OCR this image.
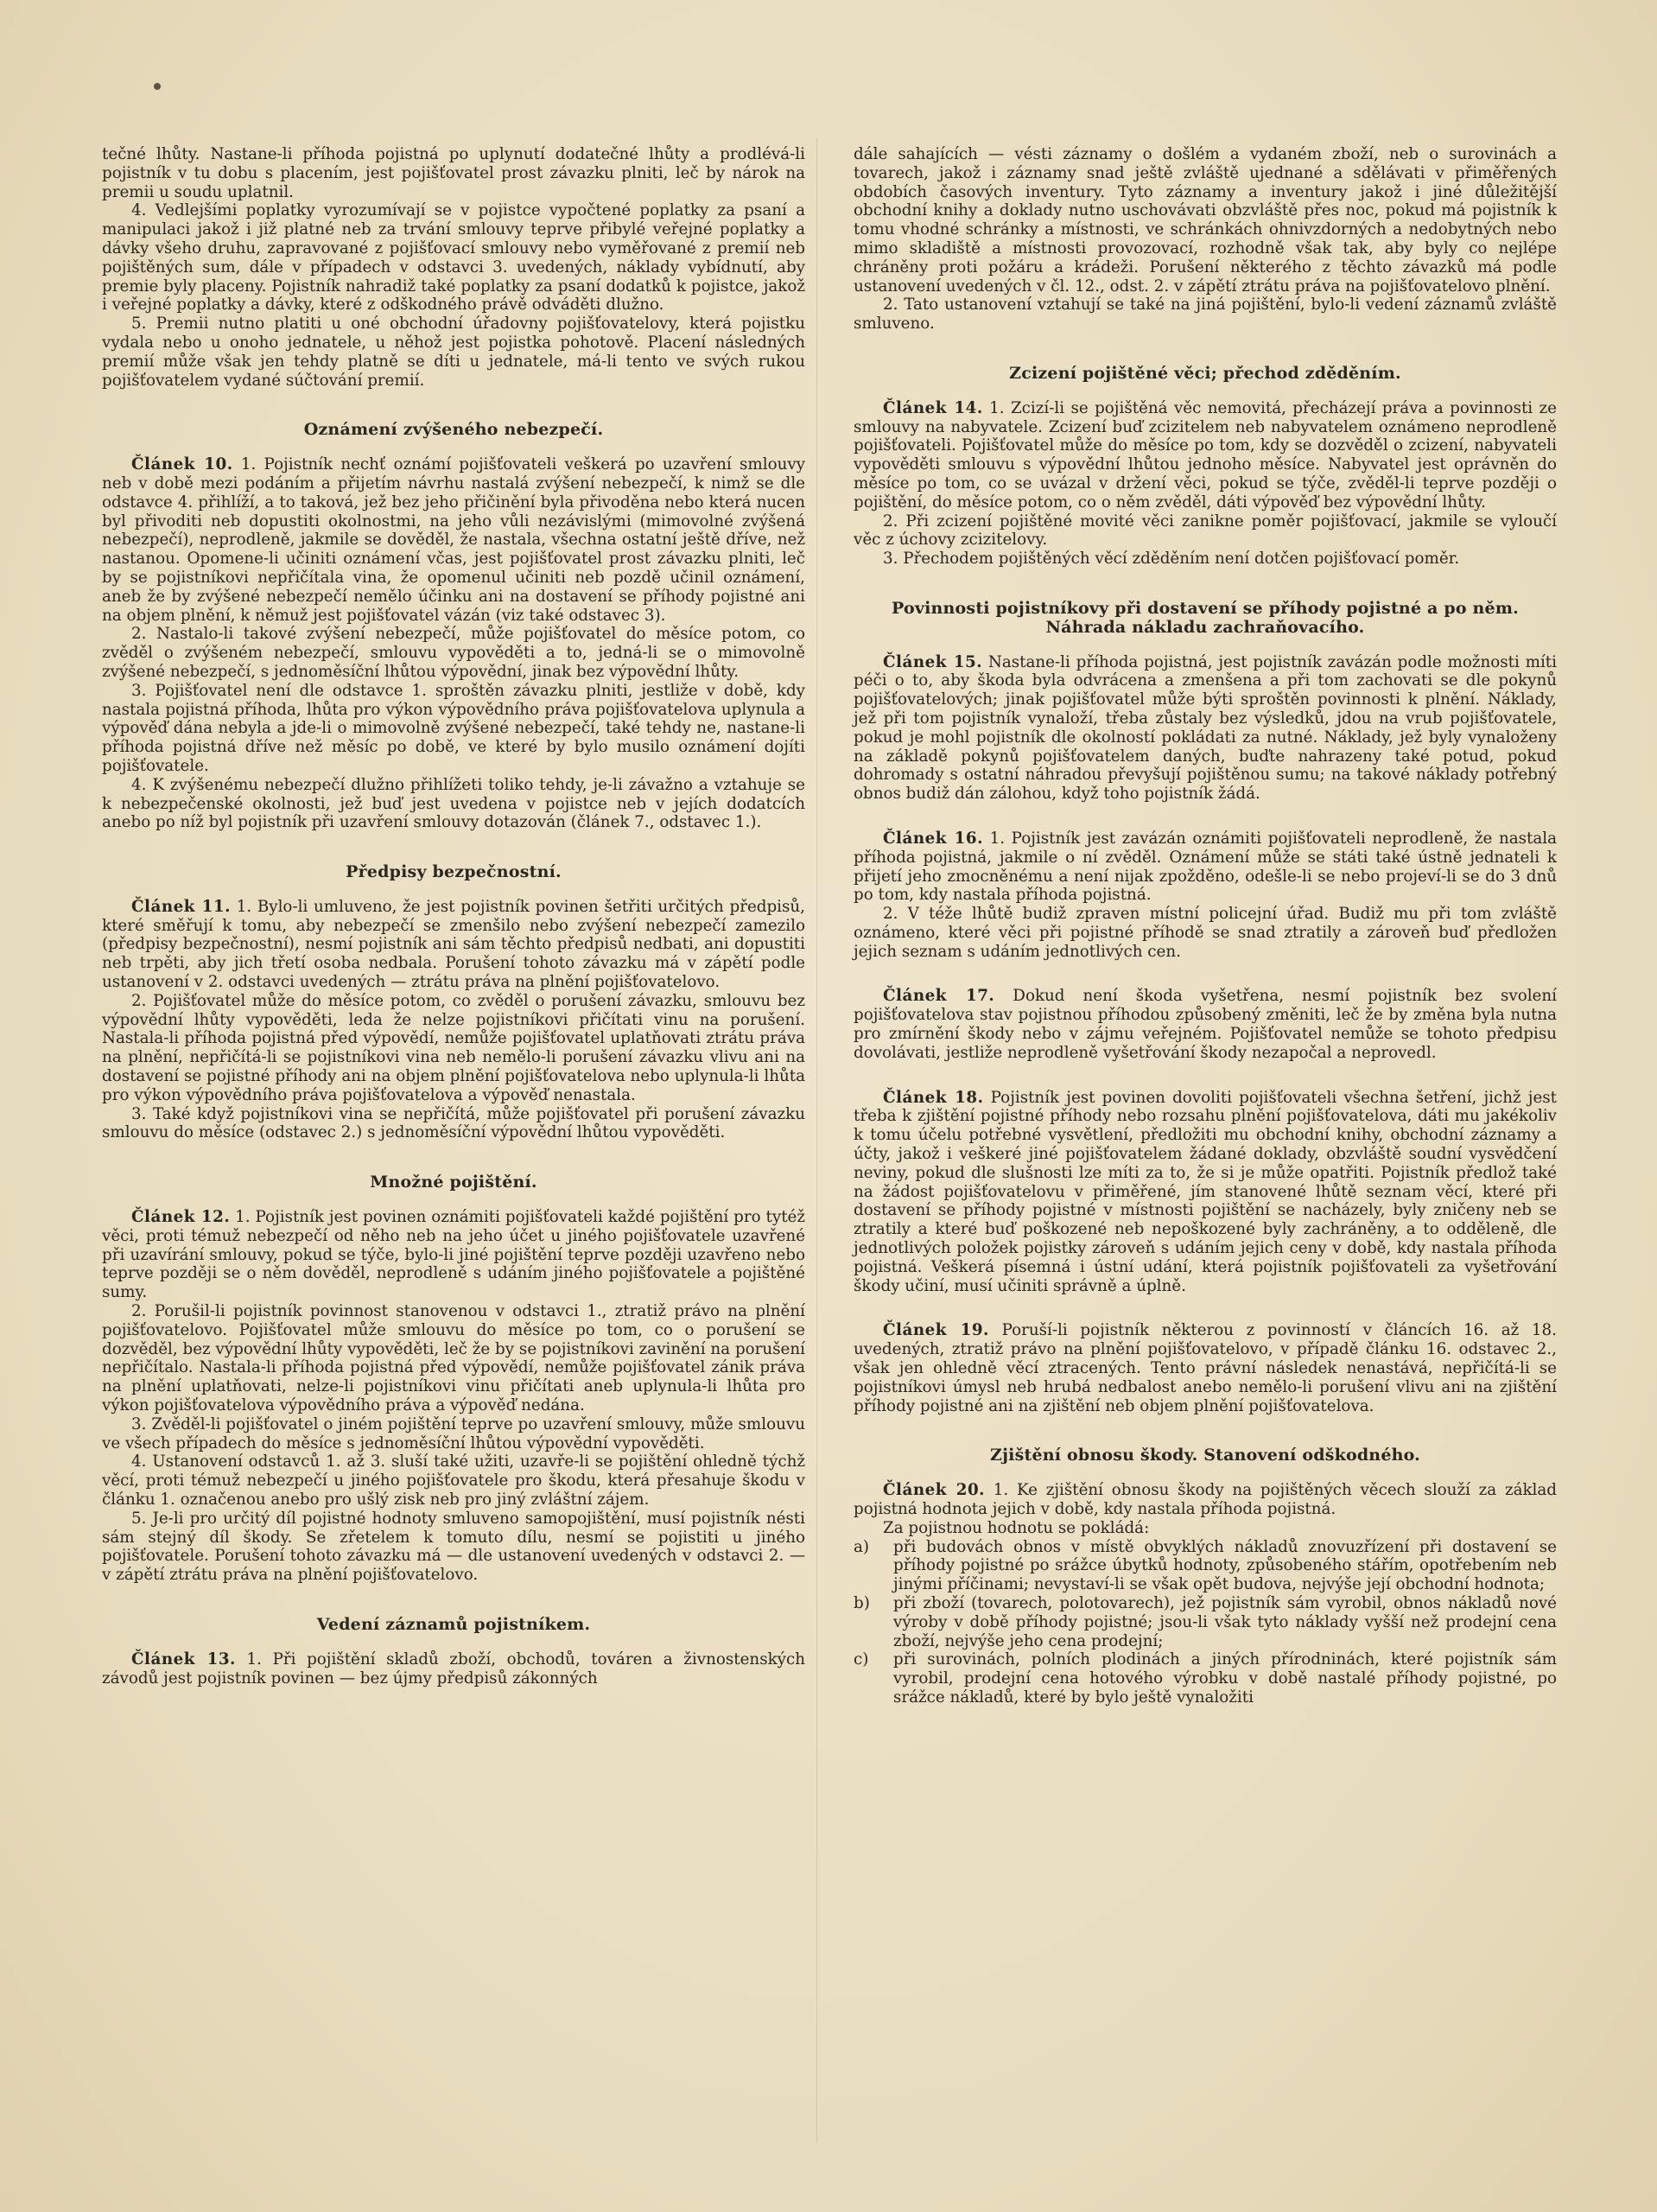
tečné lhůty. Nastane-li příhoda pojistná po uplynutí dodatečné lhůty a prodlévá-li pojistník v tu dobu s placením, jest pojišťovatel prost závazku plniti, leč by nárok na premii u soudu uplatnil.

4. Vedlejšími poplatky vyrozumívají se v pojistce vypočtené poplatky za psaní a manipulaci jakož i již platné neb za trvání smlouvy teprve přibylé veřejné poplatky a dávky všeho druhu, zapravované z pojišťovací smlouvy nebo vyměřované z premií neb pojištěných sum, dále v případech v odstavci 3. uvedených, náklady vybídnutí, aby premie byly placeny. Pojistník nahradiž také poplatky za psaní dodatků k pojistce, jakož i veřejné poplatky a dávky, které z odškodného právě odváděti dlužno.

5. Premii nutno platiti u oné obchodní úřadovny pojišťovatelovy, která pojistku vydala nebo u onoho jednatele, u něhož jest pojistka pohotově. Placení následných premií může však jen tehdy platně se díti u jednatele, má-li tento ve svých rukou pojišťovatelem vydané súčtování premií.

Oznámení zvýšeného nebezpečí.

Článek 10. 1. Pojistník nechť oznámí pojišťovateli veškerá po uzavření smlouvy neb v době mezi podáním a přijetím návrhu nastalá zvýšení nebezpečí, k nimž se dle odstavce 4. přihlíží, a to taková, jež bez jeho přičinění byla přivoděna nebo která nucen byl přivoditi neb dopustiti okolnostmi, na jeho vůli nezávislými (mimovolné zvýšená nebezpečí), neprodleně, jakmile se dověděl, že nastala, všechna ostatní ještě dříve, než nastanou. Opomene-li učiniti oznámení včas, jest pojišťovatel prost závazku plniti, leč by se pojistníkovi nepřičítala vina, že opomenul učiniti neb pozdě učinil oznámení, aneb že by zvýšené nebezpečí nemělo účinku ani na dostavení se příhody pojistné ani na objem plnění, k němuž jest pojišťovatel vázán (viz také odstavec 3).

2. Nastalo-li takové zvýšení nebezpečí, může pojišťovatel do měsíce potom, co zvěděl o zvýšeném nebezpečí, smlouvu vypověděti a to, jedná-li se o mimovolně zvýšené nebezpečí, s jednoměsíční lhůtou výpovědní, jinak bez výpovědní lhůty.

3. Pojišťovatel není dle odstavce 1. sproštěn závazku plniti, jestliže v době, kdy nastala pojistná příhoda, lhůta pro výkon výpovědního práva pojišťovatelova uplynula a výpověď dána nebyla a jde-li o mimovolně zvýšené nebezpečí, také tehdy ne, nastane-li příhoda pojistná dříve než měsíc po době, ve které by bylo musilo oznámení dojíti pojišťovatele.

4. K zvýšenému nebezpečí dlužno přihlížeti toliko tehdy, je-li závažno a vztahuje se k nebezpečenské okolnosti, jež buď jest uvedena v pojistce neb v jejích dodatcích anebo po níž byl pojistník při uzavření smlouvy dotazován (článek 7., odstavec 1.).

Předpisy bezpečnostní.

Článek 11. 1. Bylo-li umluveno, že jest pojistník povinen šetřiti určitých předpisů, které směřují k tomu, aby nebezpečí se zmenšilo nebo zvýšení nebezpečí zamezilo (předpisy bezpečnostní), nesmí pojistník ani sám těchto předpisů nedbati, ani dopustiti neb trpěti, aby jich třetí osoba nedbala. Porušení tohoto závazku má v zápětí podle ustanovení v 2. odstavci uvedených — ztrátu práva na plnění pojišťovatelovo.

2. Pojišťovatel může do měsíce potom, co zvěděl o porušení závazku, smlouvu bez výpovědní lhůty vypověděti, leda že nelze pojistníkovi přičítati vinu na porušení. Nastala-li příhoda pojistná před výpovědí, nemůže pojišťovatel uplatňovati ztrátu práva na plnění, nepřičítá-li se pojistníkovi vina neb nemělo-li porušení závazku vlivu ani na dostavení se pojistné příhody ani na objem plnění pojišťovatelova nebo uplynula-li lhůta pro výkon výpovědního práva pojišťovatelova a výpověď nenastala.

3. Také když pojistníkovi vina se nepřičítá, může pojišťovatel při porušení závazku smlouvu do měsíce (odstavec 2.) s jednoměsíční výpovědní lhůtou vypověděti.

Množné pojištění.

Článek 12. 1. Pojistník jest povinen oznámiti pojišťovateli každé pojištění pro tytéž věci, proti témuž nebezpečí od něho neb na jeho účet u jiného pojišťovatele uzavřené při uzavírání smlouvy, pokud se týče, bylo-li jiné pojištění teprve později uzavřeno nebo teprve později se o něm dověděl, neprodleně s udáním jiného pojišťovatele a pojištěné sumy.

2. Porušil-li pojistník povinnost stanovenou v odstavci 1., ztratiž právo na plnění pojišťovatelovo. Pojišťovatel může smlouvu do měsíce po tom, co o porušení se dozvěděl, bez výpovědní lhůty vypověděti, leč že by se pojistníkovi zavinění na porušení nepřičítalo. Nastala-li příhoda pojistná před výpovědí, nemůže pojišťovatel zánik práva na plnění uplatňovati, nelze-li pojistníkovi vinu přičítati aneb uplynula-li lhůta pro výkon pojišťovatelova výpovědního práva a výpověď nedána.

3. Zvěděl-li pojišťovatel o jiném pojištění teprve po uzavření smlouvy, může smlouvu ve všech případech do měsíce s jednoměsíční lhůtou výpovědní vypověděti.

4. Ustanovení odstavců 1. až 3. sluší také užiti, uzavře-li se pojištění ohledně týchž věcí, proti témuž nebezpečí u jiného pojišťovatele pro škodu, která přesahuje škodu v článku 1. označenou anebo pro ušlý zisk neb pro jiný zvláštní zájem.

5. Je-li pro určitý díl pojistné hodnoty smluveno samopojištění, musí pojistník nésti sám stejný díl škody. Se zřetelem k tomuto dílu, nesmí se pojistiti u jiného pojišťovatele. Porušení tohoto závazku má — dle ustanovení uvedených v odstavci 2. — v zápětí ztrátu práva na plnění pojišťovatelovo.

Vedení záznamů pojistníkem.

Článek 13. 1. Při pojištění skladů zboží, obchodů, továren a živnostenských závodů jest pojistník povinen — bez újmy předpisů zákonných

dále sahajících — vésti záznamy o došlém a vydaném zboží, neb o surovinách a tovarech, jakož i záznamy snad ještě zvláště ujednané a sdělávati v přiměřených obdobích časových inventury. Tyto záznamy a inventury jakož i jiné důležitější obchodní knihy a doklady nutno uschovávati obzvláště přes noc, pokud má pojistník k tomu vhodné schránky a místnosti, ve schránkách ohnivzdorných a nedobytných nebo mimo skladiště a místnosti provozovací, rozhodně však tak, aby byly co nejlépe chráněny proti požáru a krádeži. Porušení některého z těchto závazků má podle ustanovení uvedených v čl. 12., odst. 2. v zápětí ztrátu práva na pojišťovatelovo plnění.

2. Tato ustanovení vztahují se také na jiná pojištění, bylo-li vedení záznamů zvláště smluveno.

Zcizení pojištěné věci; přechod zděděním.

Článek 14. 1. Zcizí-li se pojištěná věc nemovitá, přecházejí práva a povinnosti ze smlouvy na nabyvatele. Zcizení buď zcizitelem neb nabyvatelem oznámeno neprodleně pojišťovateli. Pojišťovatel může do měsíce po tom, kdy se dozvěděl o zcizení, nabyvateli vypověděti smlouvu s výpovědní lhůtou jednoho měsíce. Nabyvatel jest oprávněn do měsíce po tom, co se uvázal v držení věci, pokud se týče, zvěděl-li teprve později o pojištění, do měsíce potom, co o něm zvěděl, dáti výpověď bez výpovědní lhůty.

2. Při zcizení pojištěné movité věci zanikne poměr pojišťovací, jakmile se vyloučí věc z úchovy zcizitelovy.

3. Přechodem pojištěných věcí zděděním není dotčen pojišťovací poměr.

Povinnosti pojistníkovy při dostavení se příhody pojistné a po něm.
Náhrada nákladu zachraňovacího.

Článek 15. Nastane-li příhoda pojistná, jest pojistník zavázán podle možnosti míti péči o to, aby škoda byla odvrácena a zmenšena a při tom zachovati se dle pokynů pojišťovatelových; jinak pojišťovatel může býti sproštěn povinnosti k plnění. Náklady, jež při tom pojistník vynaloží, třeba zůstaly bez výsledků, jdou na vrub pojišťovatele, pokud je mohl pojistník dle okolností pokládati za nutné. Náklady, jež byly vynaloženy na základě pokynů pojišťovatelem daných, buďte nahrazeny také potud, pokud dohromady s ostatní náhradou převyšují pojištěnou sumu; na takové náklady potřebný obnos budiž dán zálohou, když toho pojistník žádá.

Článek 16. 1. Pojistník jest zavázán oznámiti pojišťovateli neprodleně, že nastala příhoda pojistná, jakmile o ní zvěděl. Oznámení může se státi také ústně jednateli k přijetí jeho zmocněnému a není nijak zpožděno, odešle-li se nebo projeví-li se do 3 dnů po tom, kdy nastala příhoda pojistná.

2. V téže lhůtě budiž zpraven místní policejní úřad. Budiž mu při tom zvláště oznámeno, které věci při pojistné příhodě se snad ztratily a zároveň buď předložen jejich seznam s udáním jednotlivých cen.

Článek 17. Dokud není škoda vyšetřena, nesmí pojistník bez svolení pojišťovatelova stav pojistnou příhodou způsobený změniti, leč že by změna byla nutna pro zmírnění škody nebo v zájmu veřejném. Pojišťovatel nemůže se tohoto předpisu dovolávati, jestliže neprodleně vyšetřování škody nezapočal a neprovedl.

Článek 18. Pojistník jest povinen dovoliti pojišťovateli všechna šetření, jichž jest třeba k zjištění pojistné příhody nebo rozsahu plnění pojišťovatelova, dáti mu jakékoliv k tomu účelu potřebné vysvětlení, předložiti mu obchodní knihy, obchodní záznamy a účty, jakož i veškeré jiné pojišťovatelem žádané doklady, obzvláště soudní vysvědčení neviny, pokud dle slušnosti lze míti za to, že si je může opatřiti. Pojistník předlož také na žádost pojišťovatelovu v přiměřené, jím stanovené lhůtě seznam věcí, které při dostavení se příhody pojistné v místnosti pojištění se nacházely, byly zničeny neb se ztratily a které buď poškozené neb nepoškozené byly zachráněny, a to odděleně, dle jednotlivých položek pojistky zároveň s udáním jejich ceny v době, kdy nastala příhoda pojistná. Veškerá písemná i ústní udání, která pojistník pojišťovateli za vyšetřování škody učiní, musí učiniti správně a úplně.

Článek 19. Poruší-li pojistník některou z povinností v článcích 16. až 18. uvedených, ztratiž právo na plnění pojišťovatelovo, v případě článku 16. odstavec 2., však jen ohledně věcí ztracených. Tento právní následek nenastává, nepřičítá-li se pojistníkovi úmysl neb hrubá nedbalost anebo nemělo-li porušení vlivu ani na zjištění příhody pojistné ani na zjištění neb objem plnění pojišťovatelova.

Zjištění obnosu škody. Stanovení odškodného.

Článek 20. 1. Ke zjištění obnosu škody na pojištěných věcech slouží za základ pojistná hodnota jejich v době, kdy nastala příhoda pojistná.

Za pojistnou hodnotu se pokládá:

a)	při budovách obnos v místě obvyklých nákladů znovuzřízení při dostavení se příhody pojistné po srážce úbytků hodnoty, způsobeného stářím, opotřebením neb jinými příčinami; nevystaví-li se však opět budova, nejvýše její obchodní hodnota;
b)	při zboží (tovarech, polotovarech), jež pojistník sám vyrobil, obnos nákladů nové výroby v době příhody pojistné; jsou-li však tyto náklady vyšší než prodejní cena zboží, nejvýše jeho cena prodejní;
c)	při surovinách, polních plodinách a jiných přírodninách, které pojistník sám vyrobil, prodejní cena hotového výrobku v době nastalé příhody pojistné, po srážce nákladů, které by bylo ještě vynaložiti
